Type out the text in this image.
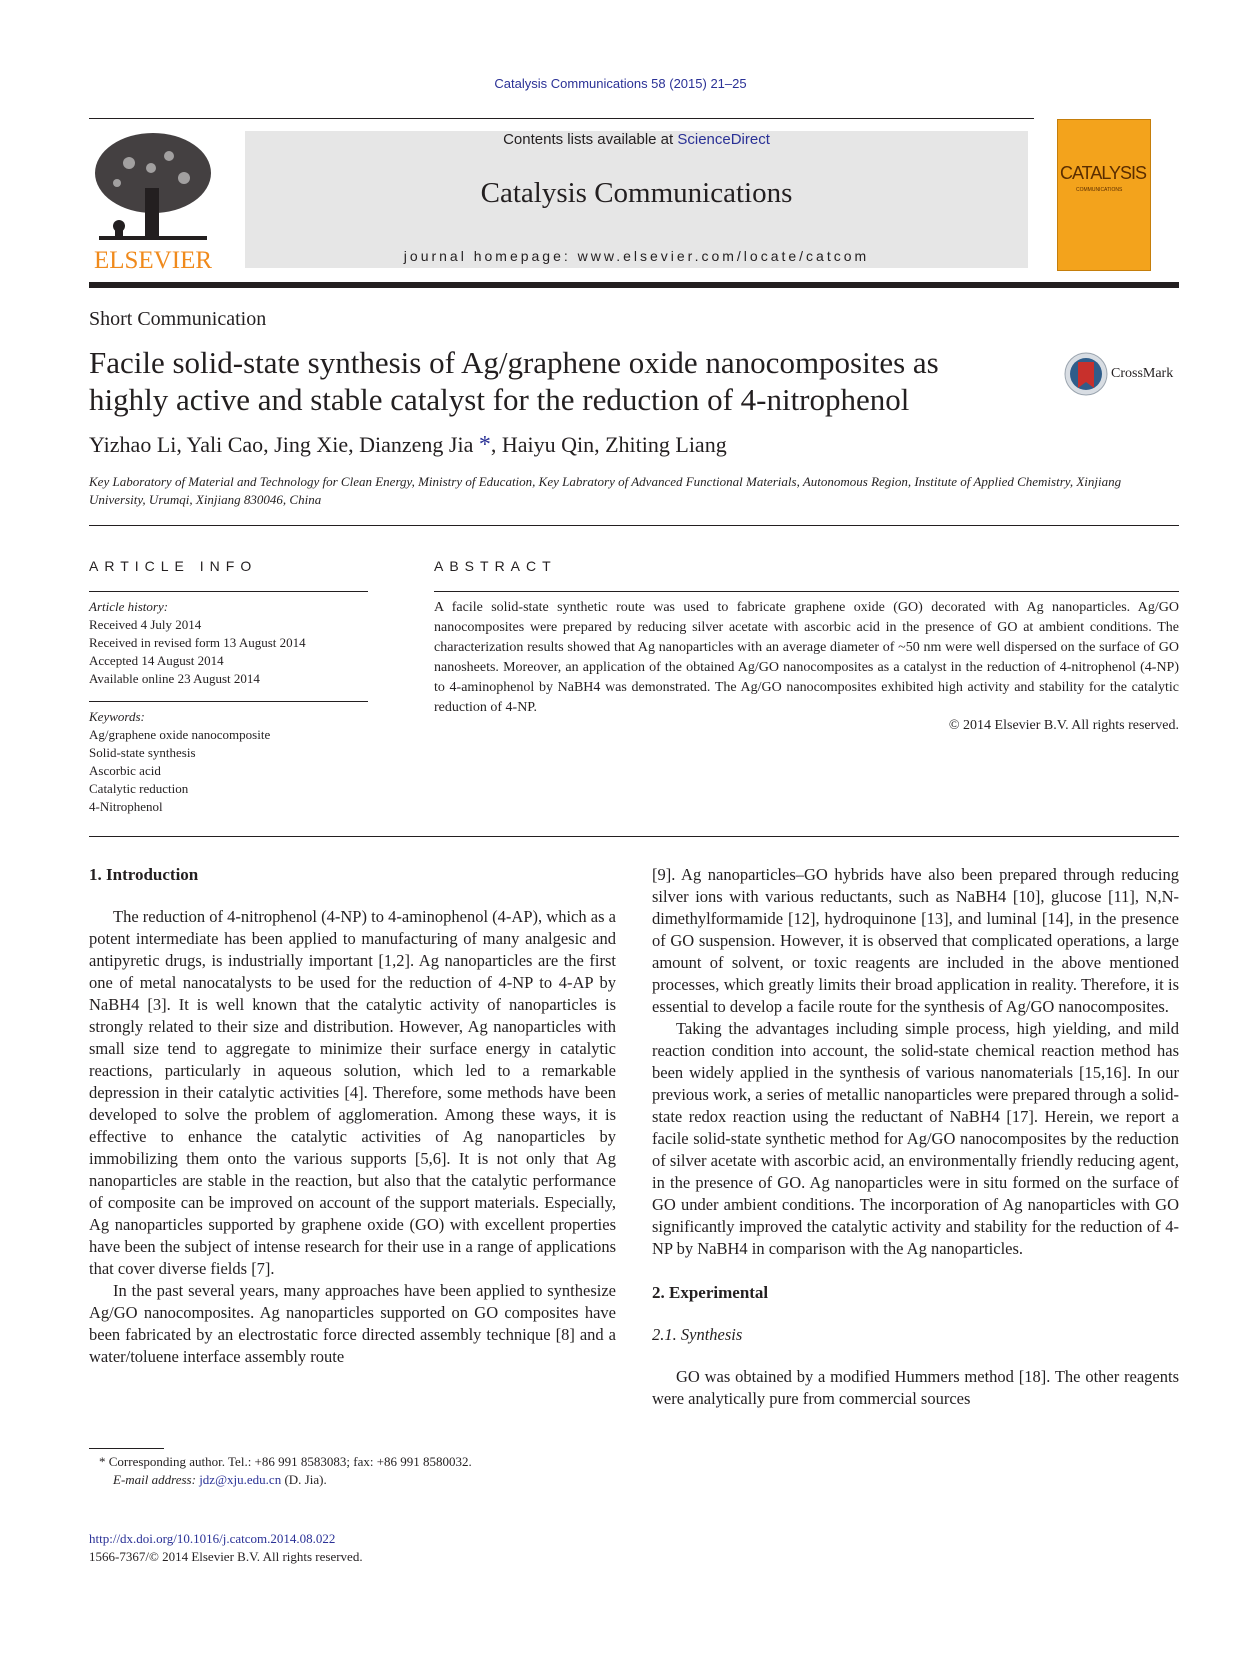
Catalysis Communications 58 (2015) 21–25
ELSEVIER
Contents lists available at ScienceDirect
Catalysis Communications
journal homepage: www.elsevier.com/locate/catcom
CATALYSIS
COMMUNICATIONS
Short Communication
Facile solid-state synthesis of Ag/graphene oxide nanocomposites as highly active and stable catalyst for the reduction of 4-nitrophenol
CrossMark
Yizhao Li, Yali Cao, Jing Xie, Dianzeng Jia *, Haiyu Qin, Zhiting Liang
Key Laboratory of Material and Technology for Clean Energy, Ministry of Education, Key Labratory of Advanced Functional Materials, Autonomous Region, Institute of Applied Chemistry, Xinjiang University, Urumqi, Xinjiang 830046, China
ARTICLE INFO
Article history:
Received 4 July 2014
Received in revised form 13 August 2014
Accepted 14 August 2014
Available online 23 August 2014
Keywords:
Ag/graphene oxide nanocomposite
Solid-state synthesis
Ascorbic acid
Catalytic reduction
4-Nitrophenol
ABSTRACT
A facile solid-state synthetic route was used to fabricate graphene oxide (GO) decorated with Ag nanoparticles. Ag/GO nanocomposites were prepared by reducing silver acetate with ascorbic acid in the presence of GO at ambient conditions. The characterization results showed that Ag nanoparticles with an average diameter of ~50 nm were well dispersed on the surface of GO nanosheets. Moreover, an application of the obtained Ag/GO nanocomposites as a catalyst in the reduction of 4-nitrophenol (4-NP) to 4-aminophenol by NaBH4 was demonstrated. The Ag/GO nanocomposites exhibited high activity and stability for the catalytic reduction of 4-NP.
© 2014 Elsevier B.V. All rights reserved.

1. Introduction

The reduction of 4-nitrophenol (4-NP) to 4-aminophenol (4-AP), which as a potent intermediate has been applied to manufacturing of many analgesic and antipyretic drugs, is industrially important [1,2]. Ag nanoparticles are the first one of metal nanocatalysts to be used for the reduction of 4-NP to 4-AP by NaBH4 [3]. It is well known that the catalytic activity of nanoparticles is strongly related to their size and distribution. However, Ag nanoparticles with small size tend to aggregate to minimize their surface energy in catalytic reactions, particularly in aqueous solution, which led to a remarkable depression in their catalytic activities [4]. Therefore, some methods have been developed to solve the problem of agglomeration. Among these ways, it is effective to enhance the catalytic activities of Ag nanoparticles by immobilizing them onto the various supports [5,6]. It is not only that Ag nanoparticles are stable in the reaction, but also that the catalytic performance of composite can be improved on account of the support materials. Especially, Ag nanoparticles supported by graphene oxide (GO) with excellent properties have been the subject of intense research for their use in a range of applications that cover diverse fields [7].

In the past several years, many approaches have been applied to synthesize Ag/GO nanocomposites. Ag nanoparticles supported on GO composites have been fabricated by an electrostatic force directed assembly technique [8] and a water/toluene interface assembly route

[9]. Ag nanoparticles–GO hybrids have also been prepared through reducing silver ions with various reductants, such as NaBH4 [10], glucose [11], N,N-dimethylformamide [12], hydroquinone [13], and luminal [14], in the presence of GO suspension. However, it is observed that complicated operations, a large amount of solvent, or toxic reagents are included in the above mentioned processes, which greatly limits their broad application in reality. Therefore, it is essential to develop a facile route for the synthesis of Ag/GO nanocomposites.

Taking the advantages including simple process, high yielding, and mild reaction condition into account, the solid-state chemical reaction method has been widely applied in the synthesis of various nanomaterials [15,16]. In our previous work, a series of metallic nanoparticles were prepared through a solid-state redox reaction using the reductant of NaBH4 [17]. Herein, we report a facile solid-state synthetic method for Ag/GO nanocomposites by the reduction of silver acetate with ascorbic acid, an environmentally friendly reducing agent, in the presence of GO. Ag nanoparticles were in situ formed on the surface of GO under ambient conditions. The incorporation of Ag nanoparticles with GO significantly improved the catalytic activity and stability for the reduction of 4-NP by NaBH4 in comparison with the Ag nanoparticles.

2. Experimental

2.1. Synthesis

GO was obtained by a modified Hummers method [18]. The other reagents were analytically pure from commercial sources

* Corresponding author. Tel.: +86 991 8583083; fax: +86 991 8580032.
E-mail address: jdz@xju.edu.cn (D. Jia).
http://dx.doi.org/10.1016/j.catcom.2014.08.022
1566-7367/© 2014 Elsevier B.V. All rights reserved.
